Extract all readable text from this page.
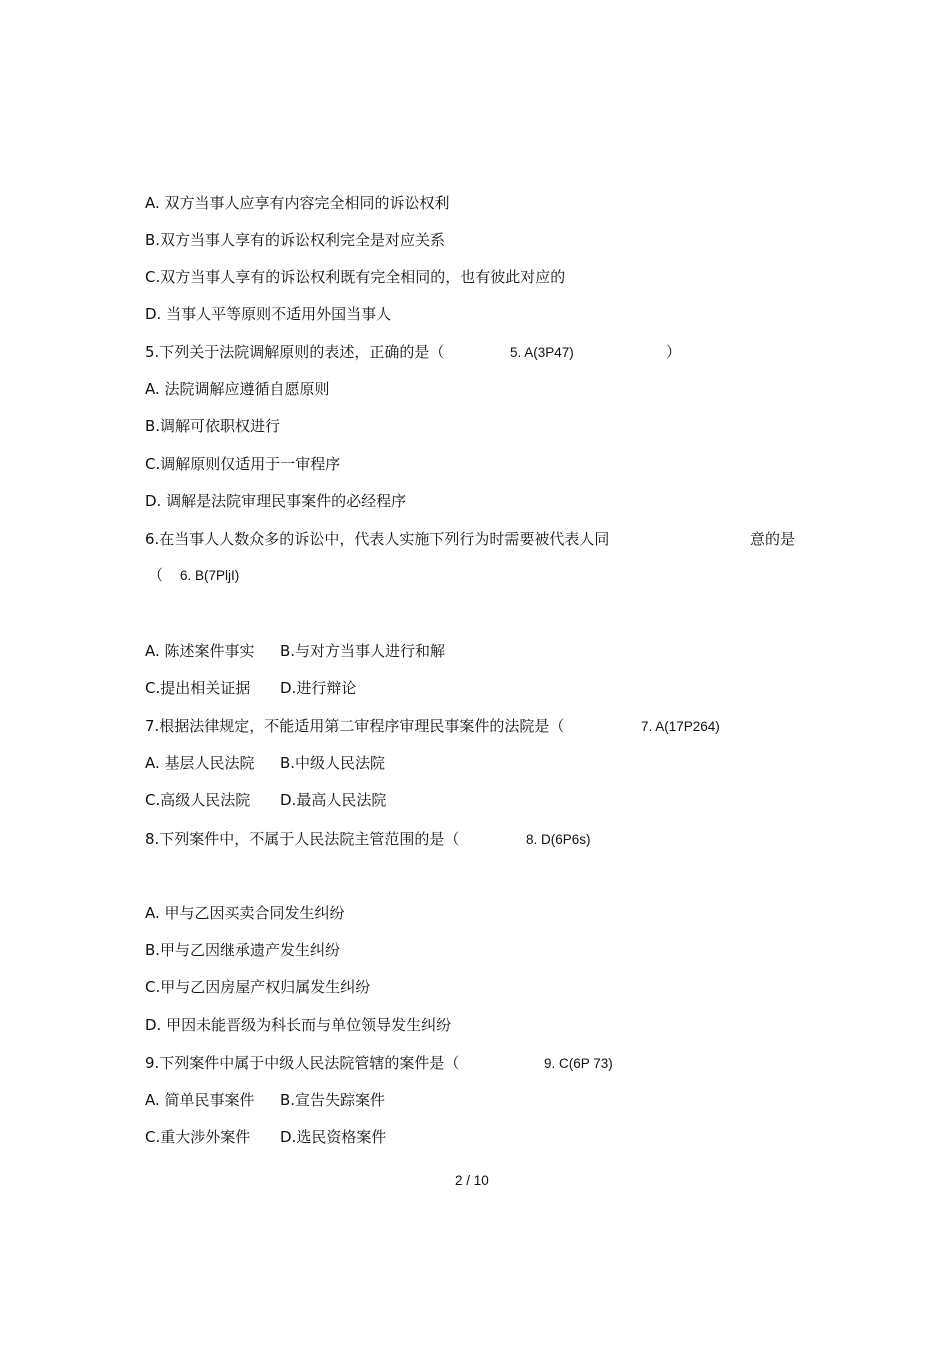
A. 双方当事人应享有内容完全相同的诉讼权利
B.双方当事人享有的诉讼权利完全是对应关系
C.双方当事人享有的诉讼权利既有完全相同的，也有彼此对应的
D. 当事人平等原则不适用外国当事人
5.下列关于法院调解原则的表述，正确的是（	5. A(3P47)	）
A. 法院调解应遵循自愿原则
B.调解可依职权进行
C.调解原则仅适用于一审程序
D. 调解是法院审理民事案件的必经程序
6.在当事人人数众多的诉讼中，代表人实施下列行为时需要被代表人同	意的是
（ 6. B(7PljI)
A. 陈述案件事实 B.与对方当事人进行和解
C.提出相关证据 D.进行辩论
7.根据法律规定，不能适用第二审程序审理民事案件的法院是（	7. A(17P264)
A. 基层人民法院 B.中级人民法院
C.高级人民法院 D.最高人民法院
8.下列案件中，不属于人民法院主管范围的是（	8. D(6P6s)
A. 甲与乙因买卖合同发生纠纷
B.甲与乙因继承遗产发生纠纷
C.甲与乙因房屋产权归属发生纠纷
D. 甲因未能晋级为科长而与单位领导发生纠纷
9.下列案件中属于中级人民法院管辖的案件是（	9. C(6P 73)
A. 简单民事案件 B.宣告失踪案件
C.重大涉外案件 D.选民资格案件
2 / 10
